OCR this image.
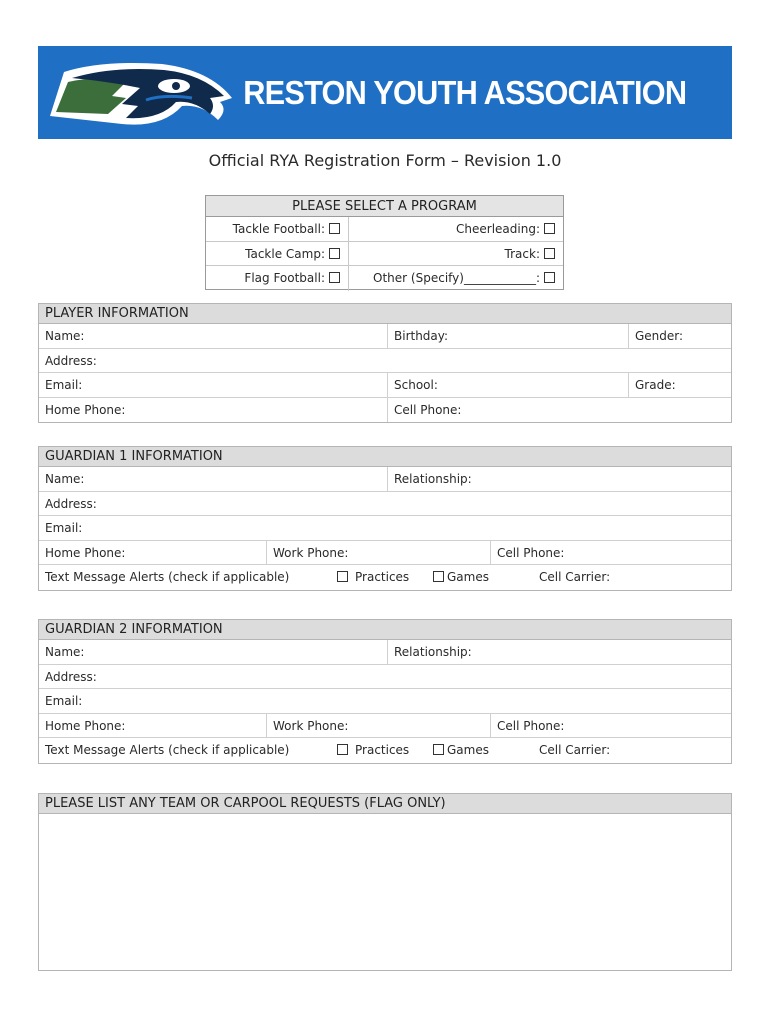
RESTON YOUTH ASSOCIATION
Official RYA Registration Form – Revision 1.0
PLEASE SELECT A PROGRAM
Tackle Football:	Cheerleading:
Tackle Camp:	Track:
Flag Football:	Other (Specify)____________:
PLAYER INFORMATION
Name:	Birthday:	Gender:
Address:
Email:	School:	Grade:
Home Phone:	Cell Phone:
GUARDIAN 1 INFORMATION
Name:	Relationship:
Address:
Email:
Home Phone:	Work Phone:	Cell Phone:
Text Message Alerts (check if applicable)	Practices	Games	Cell Carrier:
GUARDIAN 2 INFORMATION
Name:	Relationship:
Address:
Email:
Home Phone:	Work Phone:	Cell Phone:
Text Message Alerts (check if applicable)	Practices	Games	Cell Carrier:
PLEASE LIST ANY TEAM OR CARPOOL REQUESTS (FLAG ONLY)
